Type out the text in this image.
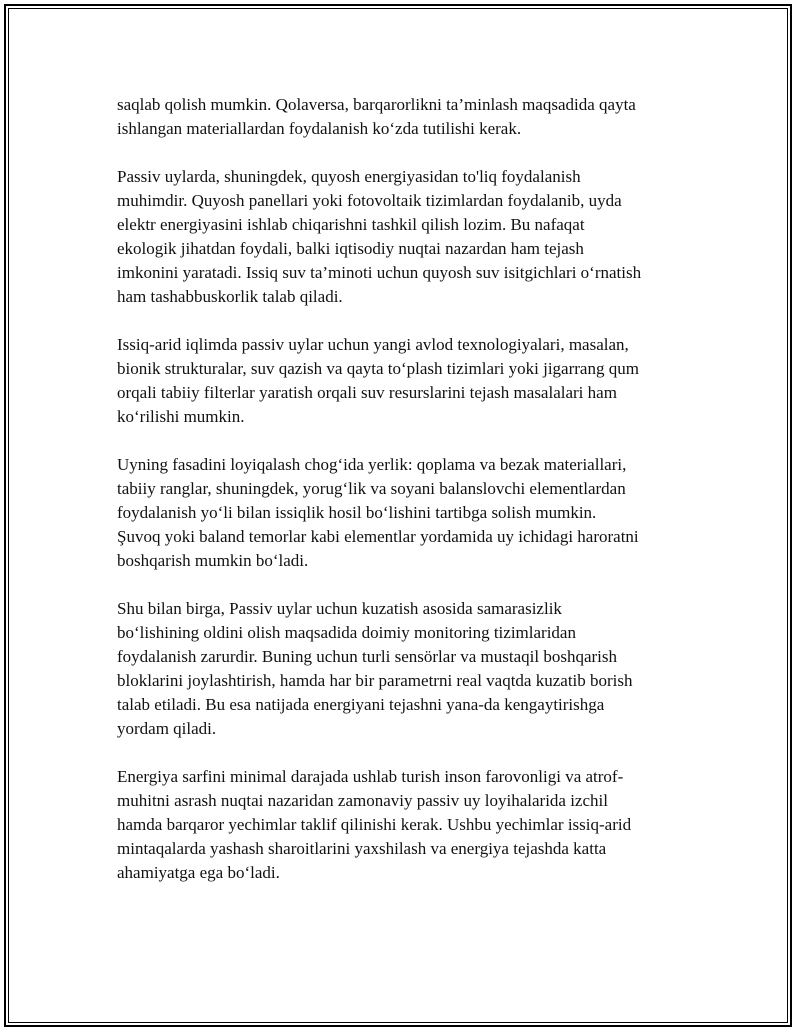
saqlab qolish mumkin. Qolaversa, barqarorlikni ta’minlash maqsadida qayta
ishlangan materiallardan foydalanish ko‘zda tutilishi kerak.

Passiv uylarda, shuningdek, quyosh energiyasidan to'liq foydalanish
muhimdir. Quyosh panellari yoki fotovoltaik tizimlardan foydalanib, uyda
elektr energiyasini ishlab chiqarishni tashkil qilish lozim. Bu nafaqat
ekologik jihatdan foydali, balki iqtisodiy nuqtai nazardan ham tejash
imkonini yaratadi. Issiq suv ta’minoti uchun quyosh suv isitgichlari o‘rnatish
ham tashabbuskorlik talab qiladi.

Issiq-arid iqlimda passiv uylar uchun yangi avlod texnologiyalari, masalan,
bionik strukturalar, suv qazish va qayta to‘plash tizimlari yoki jigarrang qum
orqali tabiiy filterlar yaratish orqali suv resurslarini tejash masalalari ham
ko‘rilishi mumkin.

Uyning fasadini loyiqalash chog‘ida yerlik: qoplama va bezak materiallari,
tabiiy ranglar, shuningdek, yorug‘lik va soyani balanslovchi elementlardan
foydalanish yo‘li bilan issiqlik hosil bo‘lishini tartibga solish mumkin.
Şuvoq yoki baland temorlar kabi elementlar yordamida uy ichidagi haroratni
boshqarish mumkin bo‘ladi.

Shu bilan birga, Passiv uylar uchun kuzatish asosida samarasizlik
bo‘lishining oldini olish maqsadida doimiy monitoring tizimlaridan
foydalanish zarurdir. Buning uchun turli sensörlar va mustaqil boshqarish
bloklarini joylashtirish, hamda har bir parametrni real vaqtda kuzatib borish
talab etiladi. Bu esa natijada energiyani tejashni yana-da kengaytirishga
yordam qiladi.

Energiya sarfini minimal darajada ushlab turish inson farovonligi va atrof-
muhitni asrash nuqtai nazaridan zamonaviy passiv uy loyihalarida izchil
hamda barqaror yechimlar taklif qilinishi kerak. Ushbu yechimlar issiq-arid
mintaqalarda yashash sharoitlarini yaxshilash va energiya tejashda katta
ahamiyatga ega bo‘ladi.
